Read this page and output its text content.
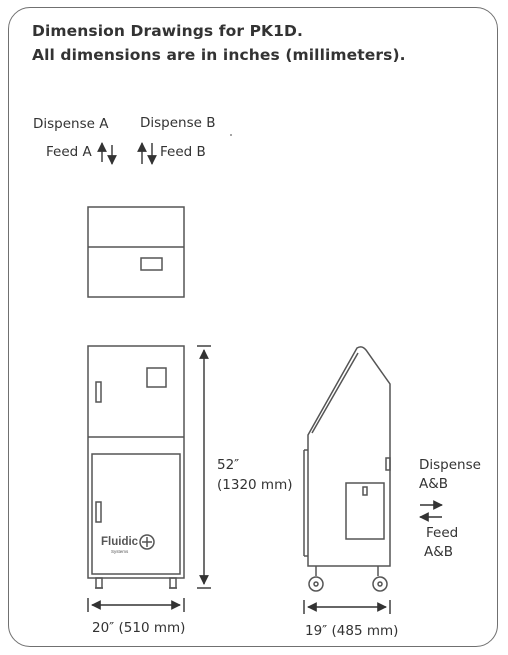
Dimension Drawings for PK1D.
All dimensions are in inches (millimeters).
Dispense A
Feed A
Dispense B
Feed B
52″
(1320 mm)
20″ (510 mm)	19″ (485 mm)
Dispense
A&B
Feed
A&B
Fluidic
Systems
